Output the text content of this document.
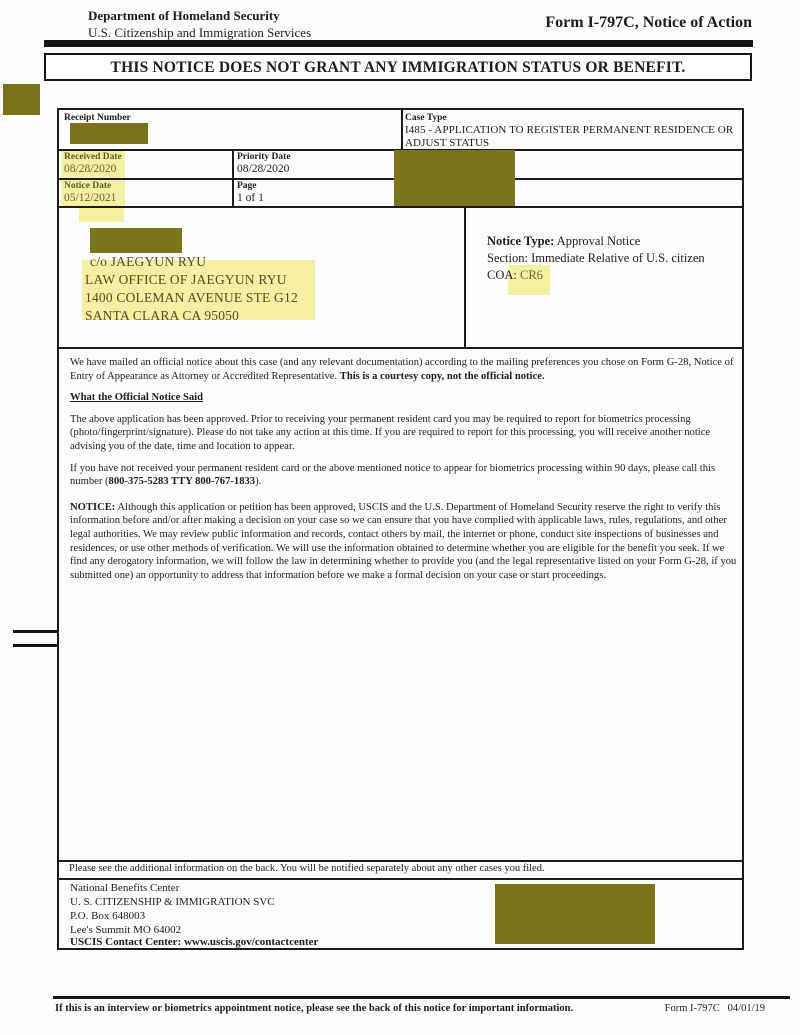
Department of Homeland Security
U.S. Citizenship and Immigration Services
Form I-797C, Notice of Action
THIS NOTICE DOES NOT GRANT ANY IMMIGRATION STATUS OR BENEFIT.
Receipt Number	Case Type
I485 - APPLICATION TO REGISTER PERMANENT RESIDENCE OR ADJUST STATUS
Received Date
08/28/2020
Priority Date
08/28/2020
Notice Date
05/12/2021
Page
1 of 1
c/o JAEGYUN RYU
LAW OFFICE OF JAEGYUN RYU
1400 COLEMAN AVENUE STE G12
SANTA CLARA CA 95050
Notice Type: Approval Notice
Section: Immediate Relative of U.S. citizen
COA: CR6

We have mailed an official notice about this case (and any relevant documentation) according to the mailing preferences you chose on Form G-28, Notice of Entry of Appearance as Attorney or Accredited Representative. This is a courtesy copy, not the official notice.

What the Official Notice Said

The above application has been approved. Prior to receiving your permanent resident card you may be required to report for biometrics processing (photo/fingerprint/signature). Please do not take any action at this time. If you are required to report for this processing, you will receive another notice advising you of the date, time and location to appear.

If you have not received your permanent resident card or the above mentioned notice to appear for biometrics processing within 90 days, please call this number (800-375-5283 TTY 800-767-1833).

NOTICE: Although this application or petition has been approved, USCIS and the U.S. Department of Homeland Security reserve the right to verify this information before and/or after making a decision on your case so we can ensure that you have complied with applicable laws, rules, regulations, and other legal authorities. We may review public information and records, contact others by mail, the internet or phone, conduct site inspections of businesses and residences, or use other methods of verification. We will use the information obtained to determine whether you are eligible for the benefit you seek. If we find any derogatory information, we will follow the law in determining whether to provide you (and the legal representative listed on your Form G-28, if you submitted one) an opportunity to address that information before we make a formal decision on your case or start proceedings.

Please see the additional information on the back. You will be notified separately about any other cases you filed.
National Benefits Center
U. S. CITIZENSHIP & IMMIGRATION SVC
P.O. Box 648003
Lee's Summit MO 64002
USCIS Contact Center: www.uscis.gov/contactcenter
If this is an interview or biometrics appointment notice, please see the back of this notice for important information.	Form I-797C 04/01/19
